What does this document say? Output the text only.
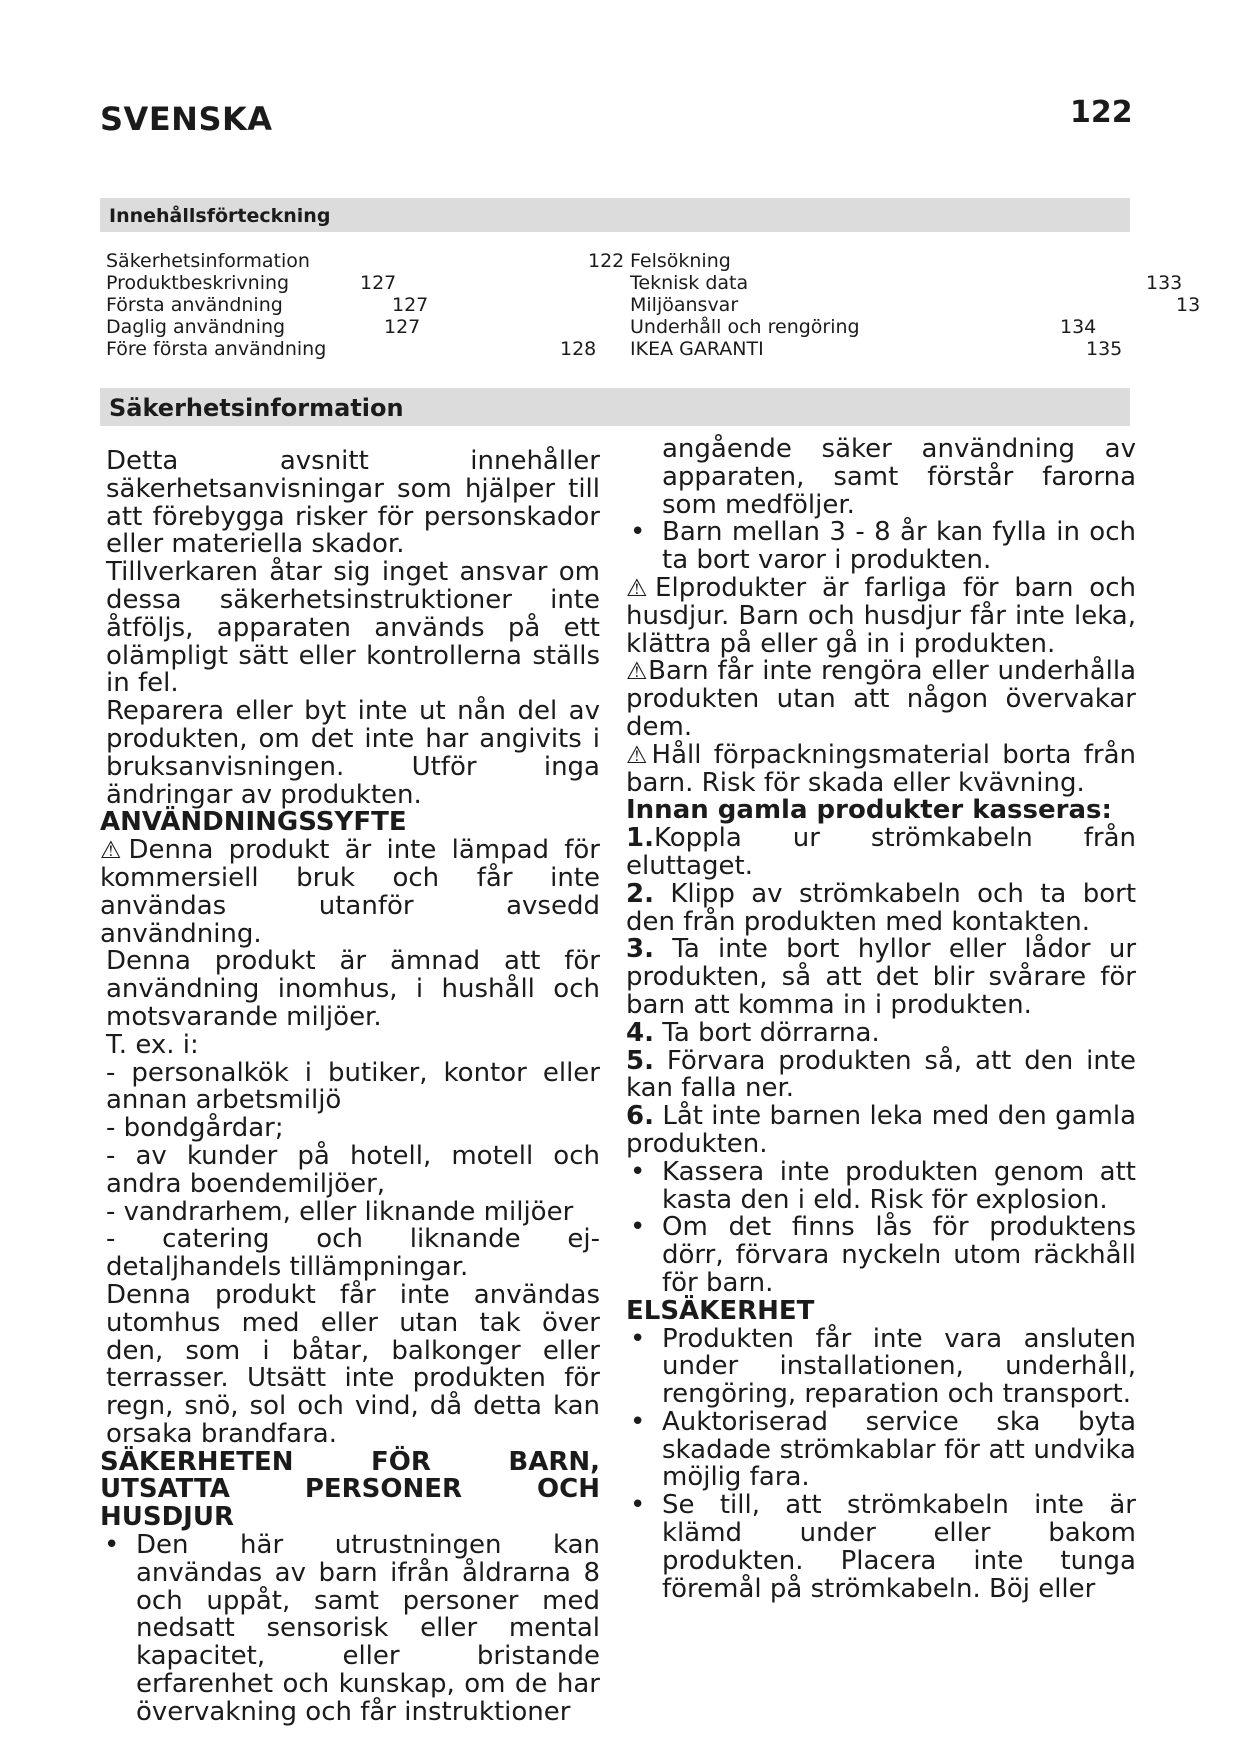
SVENSKA	122
Innehållsförteckning
Säkerhetsinformation	122
Produktbeskrivning	127
Första användning	127
Daglig användning	127
Före första användning	128
Felsökning
Teknisk data	133
Miljöansvar	13
Underhåll och rengöring	134
IKEA GARANTI	135
Säkerhetsinformation

Detta avsnitt innehåller säkerhetsanvisningar som hjälper till att förebygga risker för personskador eller materiella skador.

Tillverkaren åtar sig inget ansvar om dessa säkerhetsinstruktioner inte åtföljs, apparaten används på ett olämpligt sätt eller kontrollerna ställs in fel.

Reparera eller byt inte ut nån del av produkten, om det inte har angivits i bruksanvisningen. Utför inga ändringar av produkten.

ANVÄNDNINGSSYFTE

⚠Denna produkt är inte lämpad för kommersiell bruk och får inte användas utanför avsedd användning.

Denna produkt är ämnad att för användning inomhus, i hushåll och motsvarande miljöer.

T. ex. i:

- personalkök i butiker, kontor eller annan arbetsmiljö

- bondgårdar;

- av kunder på hotell, motell och andra boendemiljöer,

- vandrarhem, eller liknande miljöer

- catering och liknande ej-detaljhandels tillämpningar.

Denna produkt får inte användas utomhus med eller utan tak över den, som i båtar, balkonger eller terrasser. Utsätt inte produkten för regn, snö, sol och vind, då detta kan orsaka brandfara.

SÄKERHETEN FÖR BARN, UTSATTA PERSONER OCH HUSDJUR

• Den här utrustningen kan användas av barn ifrån åldrarna 8 och uppåt, samt personer med nedsatt sensorisk eller mental kapacitet, eller bristande erfarenhet och kunskap, om de har övervakning och får instruktioner

angående säker användning av apparaten, samt förstår farorna som medföljer.

• Barn mellan 3 - 8 år kan fylla in och ta bort varor i produkten.

⚠Elprodukter är farliga för barn och husdjur. Barn och husdjur får inte leka, klättra på eller gå in i produkten.

⚠Barn får inte rengöra eller underhålla produkten utan att någon övervakar dem.

⚠Håll förpackningsmaterial borta från barn. Risk för skada eller kvävning.

Innan gamla produkter kasseras:

1.Koppla ur strömkabeln från eluttaget.

2. Klipp av strömkabeln och ta bort den från produkten med kontakten.

3. Ta inte bort hyllor eller lådor ur produkten, så att det blir svårare för barn att komma in i produkten.

4. Ta bort dörrarna.

5. Förvara produkten så, att den inte kan falla ner.

6. Låt inte barnen leka med den gamla produkten.

• Kassera inte produkten genom att kasta den i eld. Risk för explosion.

• Om det finns lås för produktens dörr, förvara nyckeln utom räckhåll för barn.

ELSÄKERHET

• Produkten får inte vara ansluten under installationen, underhåll, rengöring, reparation och transport.

• Auktoriserad service ska byta skadade strömkablar för att undvika möjlig fara.

• Se till, att strömkabeln inte är klämd under eller bakom produkten. Placera inte tunga föremål på strömkabeln. Böj eller
